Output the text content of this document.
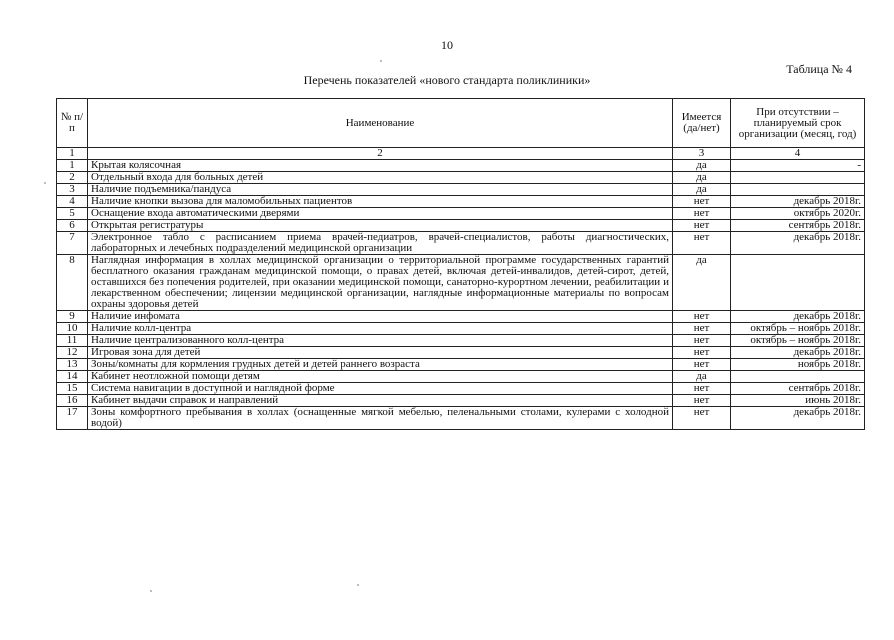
10
Таблица № 4
Перечень показателей «нового стандарта поликлиники»
№ п/п	Наименование	Имеется (да/нет)	При отсутствии – планируемый срок организации (месяц, год)
1	2	3	4
1	Крытая колясочная	да	-
2	Отдельный входа для больных детей	да	
3	Наличие подъемника/пандуса	да	
4	Наличие кнопки вызова для маломобильных пациентов	нет	декабрь 2018г.
5	Оснащение входа автоматическими дверями	нет	октябрь 2020г.
6	Открытая регистратуры	нет	сентябрь 2018г.
7	Электронное табло с расписанием приема врачей-педиатров, врачей-специалистов, работы диагностических, лабораторных и лечебных подразделений медицинской организации	нет	декабрь 2018г.
8	Наглядная информация в холлах медицинской организации о территориальной программе государственных гарантий бесплатного оказания гражданам медицинской помощи, о правах детей, включая детей-инвалидов, детей-сирот, детей, оставшихся без попечения родителей, при оказании медицинской помощи, санаторно-курортном лечении, реабилитации и лекарственном обеспечении; лицензии медицинской организации, наглядные информационные материалы по вопросам охраны здоровья детей	да	
9	Наличие инфомата	нет	декабрь 2018г.
10	Наличие колл-центра	нет	октябрь – ноябрь 2018г.
11	Наличие централизованного колл-центра	нет	октябрь – ноябрь 2018г.
12	Игровая зона для детей	нет	декабрь 2018г.
13	Зоны/комнаты для кормления грудных детей и детей раннего возраста	нет	ноябрь 2018г.
14	Кабинет неотложной помощи детям	да	
15	Система навигации в доступной и наглядной форме	нет	сентябрь 2018г.
16	Кабинет выдачи справок и направлений	нет	июнь 2018г.
17	Зоны комфортного пребывания в холлах (оснащенные мягкой мебелью, пеленальными столами, кулерами с холодной водой)	нет	декабрь 2018г.
